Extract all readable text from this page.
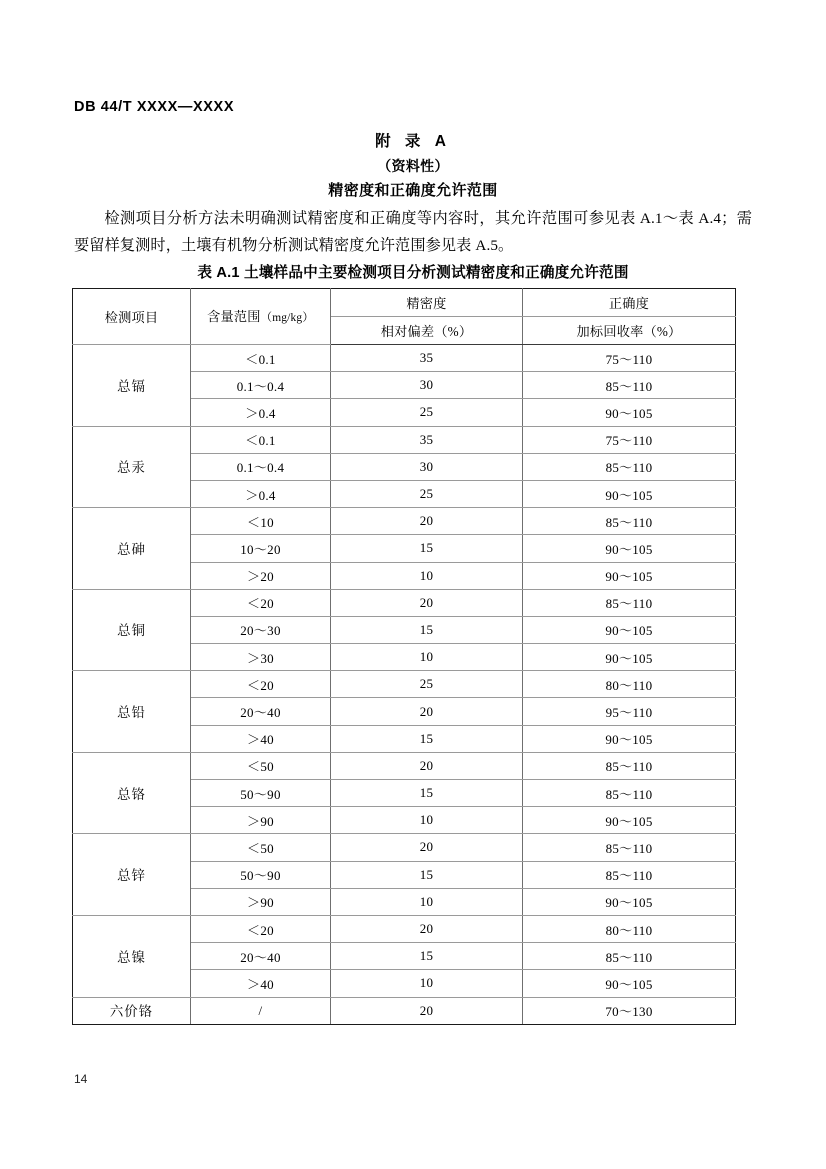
DB 44/T XXXX—XXXX
附 录 A
（资料性）
精密度和正确度允许范围
检测项目分析方法未明确测试精密度和正确度等内容时，其允许范围可参见表 A.1～表 A.4；需要留样复测时，土壤有机物分析测试精密度允许范围参见表 A.5。
表 A.1 土壤样品中主要检测项目分析测试精密度和正确度允许范围
检测项目	含量范围（mg/kg）	精密度	正确度
		相对偏差（%）	加标回收率（%）
总镉	＜0.1	35	75～110
	0.1～0.4	30	85～110
	＞0.4	25	90～105
总汞	＜0.1	35	75～110
	0.1～0.4	30	85～110
	＞0.4	25	90～105
总砷	＜10	20	85～110
	10～20	15	90～105
	＞20	10	90～105
总铜	＜20	20	85～110
	20～30	15	90～105
	＞30	10	90～105
总铅	＜20	25	80～110
	20～40	20	95～110
	＞40	15	90～105
总铬	＜50	20	85～110
	50～90	15	85～110
	＞90	10	90～105
总锌	＜50	20	85～110
	50～90	15	85～110
	＞90	10	90～105
总镍	＜20	20	80～110
	20～40	15	85～110
	＞40	10	90～105
六价铬	/	20	70～130
14
